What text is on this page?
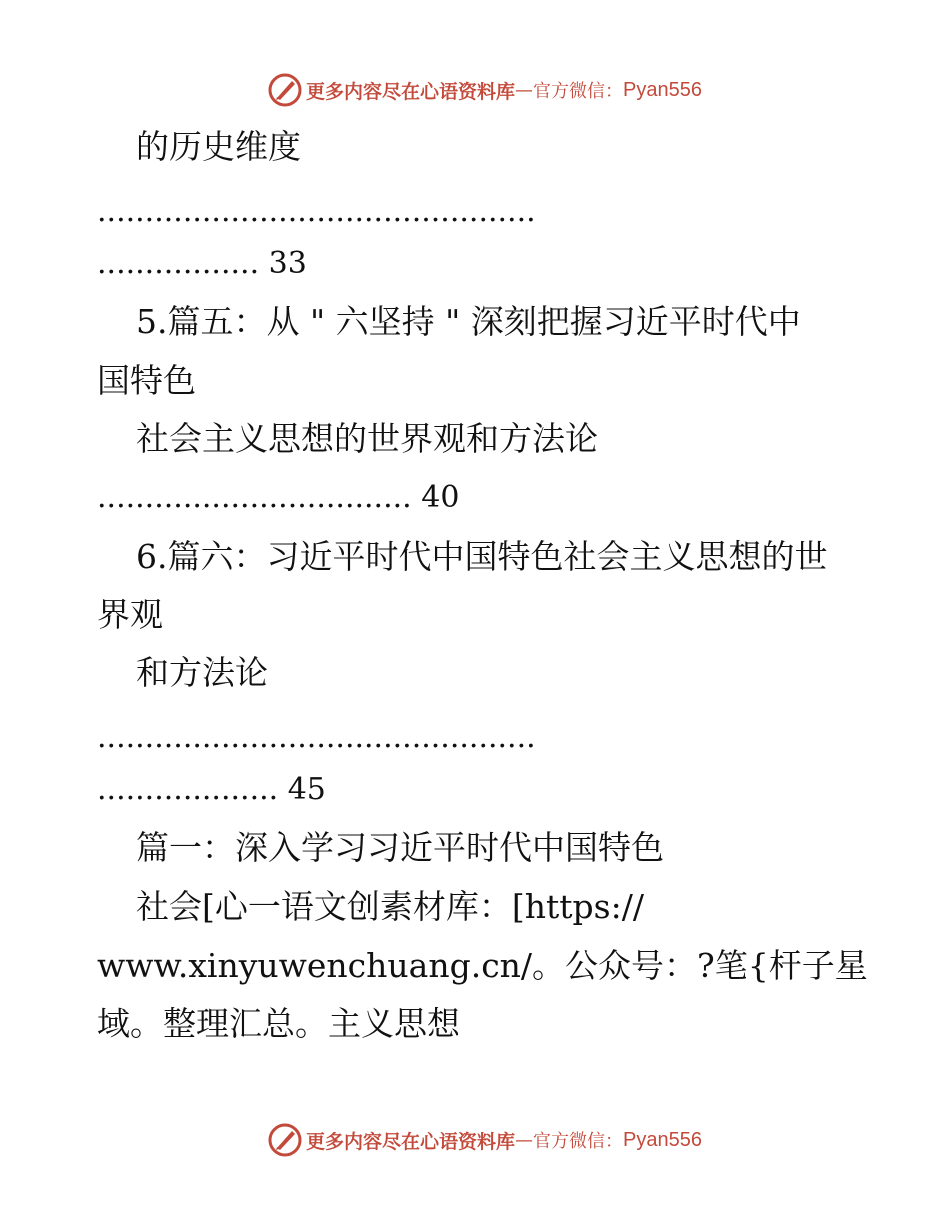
更多内容尽在心语资料库 — 官方微信： Pyan556
的历史维度
..............................................
................. 33
5.篇五：从 " 六坚持 " 深刻把握习近平时代中
国特色
社会主义思想的世界观和方法论
................................. 40
6.篇六：习近平时代中国特色社会主义思想的世
界观
和方法论
..............................................
................... 45
篇一：深入学习习近平时代中国特色
社会[心一语文创素材库：[https://
www.xinyuwenchuang.cn/。公众号：?笔{杆子星
域。整理汇总。主义思想
更多内容尽在心语资料库 — 官方微信： Pyan556
